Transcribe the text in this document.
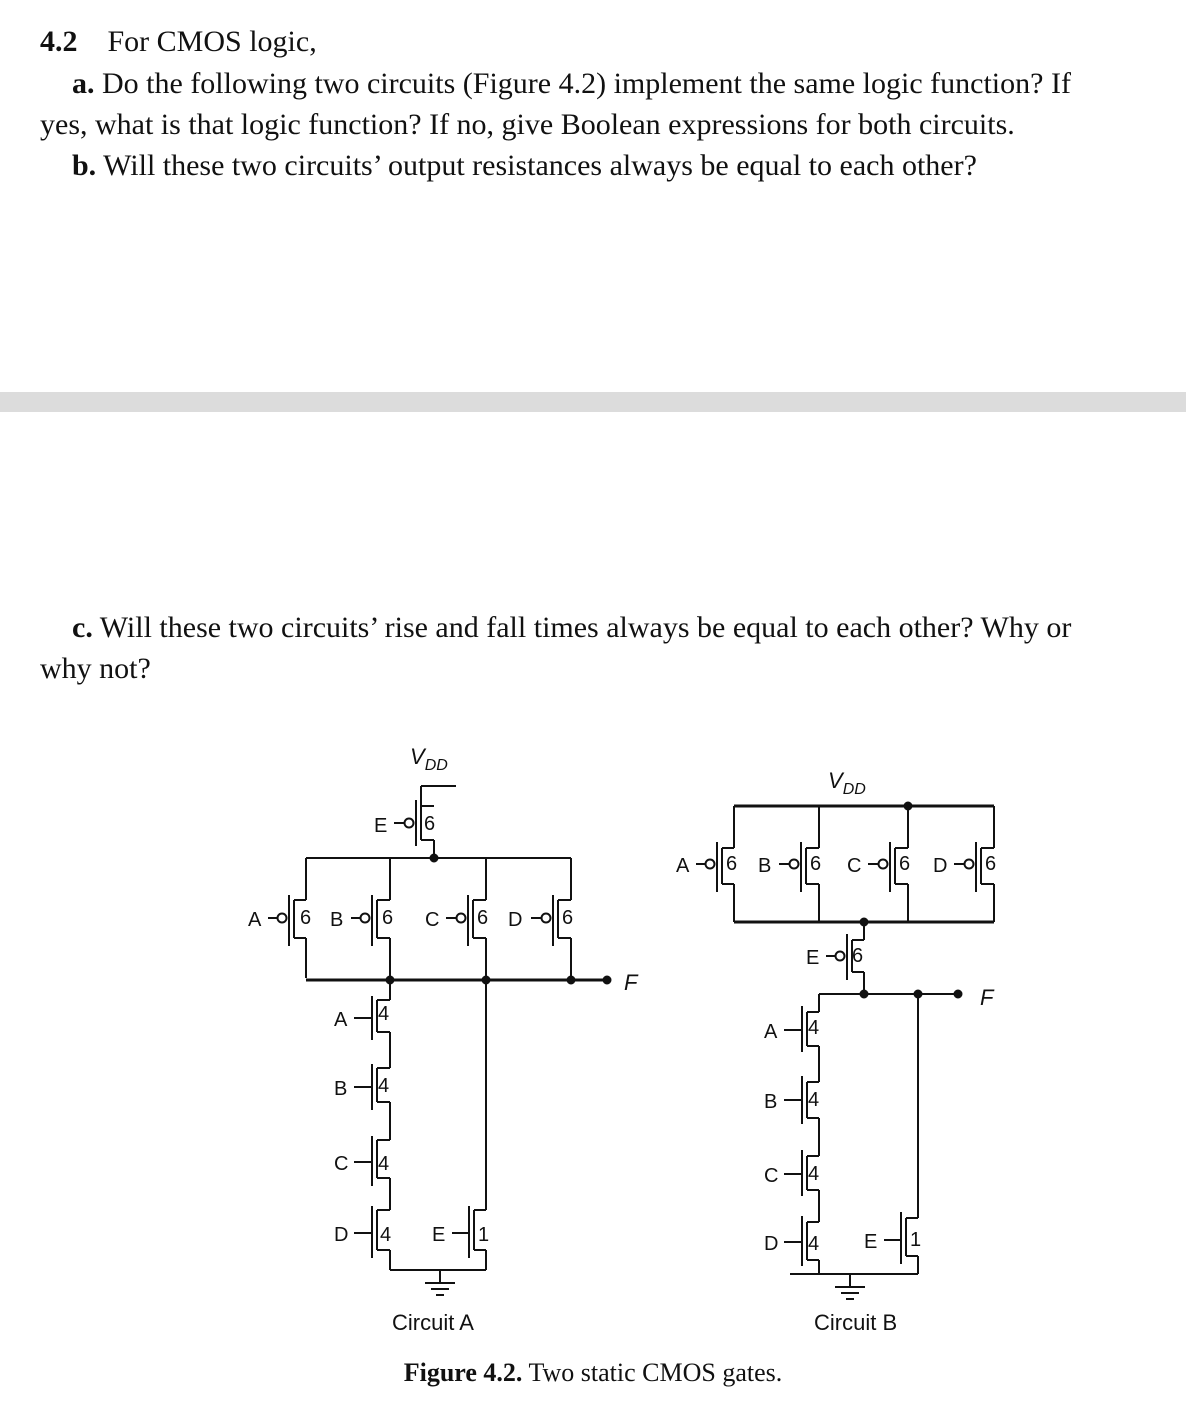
4.2 For CMOS logic,
a. Do the following two circuits (Figure 4.2) implement the same logic function? If
yes, what is that logic function? If no, give Boolean expressions for both circuits.
b. Will these two circuits’ output resistances always be equal to each other?
c. Will these two circuits’ rise and fall times always be equal to each other? Why or
why not?
$V_{DD}$
E 6
A 6 B 6 C 6 D 6
F
A 4
B 4
C 4
D 4 E 1
Circuit A
$V_{DD}$
A 6 B 6 C 6 D 6
E 6
F
A 4
B 4
C 4
D 4 E 1
Circuit B
Figure 4.2. Two static CMOS gates.
